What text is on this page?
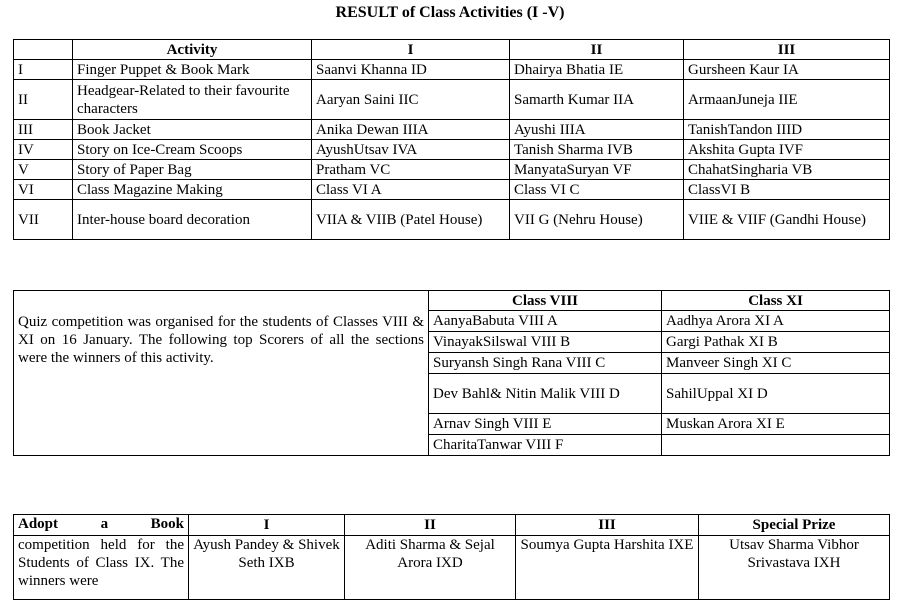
RESULT of Class Activities (I -V)
	Activity	I	II	III
I	Finger Puppet & Book Mark	Saanvi Khanna ID	Dhairya Bhatia IE	Gursheen Kaur IA
II	Headgear-Related to their favourite characters	Aaryan Saini IIC	Samarth Kumar IIA	ArmaanJuneja IIE
III	Book Jacket	Anika Dewan IIIA	Ayushi IIIA	TanishTandon IIID
IV	Story on Ice-Cream Scoops	AyushUtsav IVA	Tanish Sharma IVB	Akshita Gupta IVF
V	Story of Paper Bag	Pratham VC	ManyataSuryan VF	ChahatSingharia VB
VI	Class Magazine Making	Class VI A	Class VI C	ClassVI B
VII	Inter-house board decoration	VIIA & VIIB (Patel House)	VII G (Nehru House)	VIIE & VIIF (Gandhi House)
Quiz competition was organised for the students of Classes VIII & XI on 16 January. The following top Scorers of all the sections were the winners of this activity.	Class VIII	Class XI
	AanyaBabuta VIII A	Aadhya Arora XI A
	VinayakSilswal VIII B	Gargi Pathak XI B
	Suryansh Singh Rana VIII C	Manveer Singh XI C
	Dev Bahl& Nitin Malik VIII D	SahilUppal XI D
	Arnav Singh VIII E	Muskan Arora XI E
	CharitaTanwar VIII F	
Adopt a Book	I	II	III	Special Prize
competition held for the Students of Class IX. The winners were	Ayush Pandey & Shivek Seth IXB	Aditi Sharma & Sejal Arora IXD	Soumya Gupta Harshita IXE	Utsav Sharma Vibhor Srivastava IXH
